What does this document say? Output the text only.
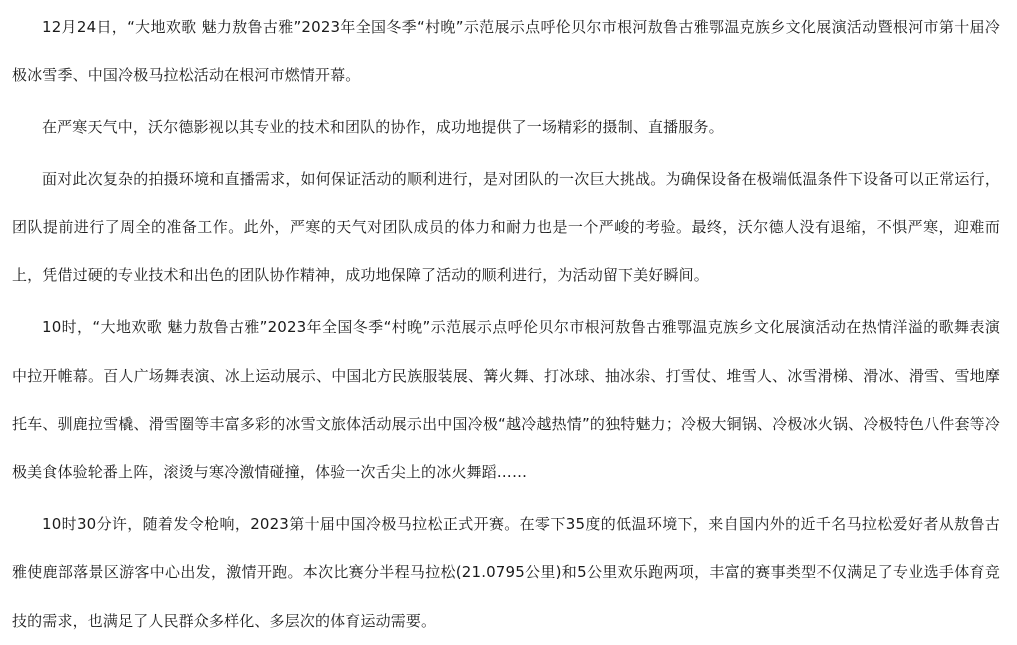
12月24日，“大地欢歌 魅力敖鲁古雅”2023年全国冬季“村晚”示范展示点呼伦贝尔市根河敖鲁古雅鄂温克族乡文化展演活动暨根河市第十届冷极冰雪季、中国冷极马拉松活动在根河市燃情开幕。

在严寒天气中，沃尔德影视以其专业的技术和团队的协作，成功地提供了一场精彩的摄制、直播服务。

面对此次复杂的拍摄环境和直播需求，如何保证活动的顺利进行，是对团队的一次巨大挑战。为确保设备在极端低温条件下设备可以正常运行，团队提前进行了周全的准备工作。此外，严寒的天气对团队成员的体力和耐力也是一个严峻的考验。最终，沃尔德人没有退缩，不惧严寒，迎难而上，凭借过硬的专业技术和出色的团队协作精神，成功地保障了活动的顺利进行，为活动留下美好瞬间。

10时，“大地欢歌 魅力敖鲁古雅”2023年全国冬季“村晚”示范展示点呼伦贝尔市根河敖鲁古雅鄂温克族乡文化展演活动在热情洋溢的歌舞表演中拉开帷幕。百人广场舞表演、冰上运动展示、中国北方民族服装展、篝火舞、打冰球、抽冰尜、打雪仗、堆雪人、冰雪滑梯、滑冰、滑雪、雪地摩托车、驯鹿拉雪橇、滑雪圈等丰富多彩的冰雪文旅体活动展示出中国冷极“越冷越热情”的独特魅力；冷极大铜锅、冷极冰火锅、冷极特色八件套等冷极美食体验轮番上阵，滚烫与寒冷激情碰撞，体验一次舌尖上的冰火舞蹈……

10时30分许，随着发令枪响，2023第十届中国冷极马拉松正式开赛。在零下35度的低温环境下，来自国内外的近千名马拉松爱好者从敖鲁古雅使鹿部落景区游客中心出发，激情开跑。本次比赛分半程马拉松(21.0795公里)和5公里欢乐跑两项，丰富的赛事类型不仅满足了专业选手体育竞技的需求，也满足了人民群众多样化、多层次的体育运动需要。
